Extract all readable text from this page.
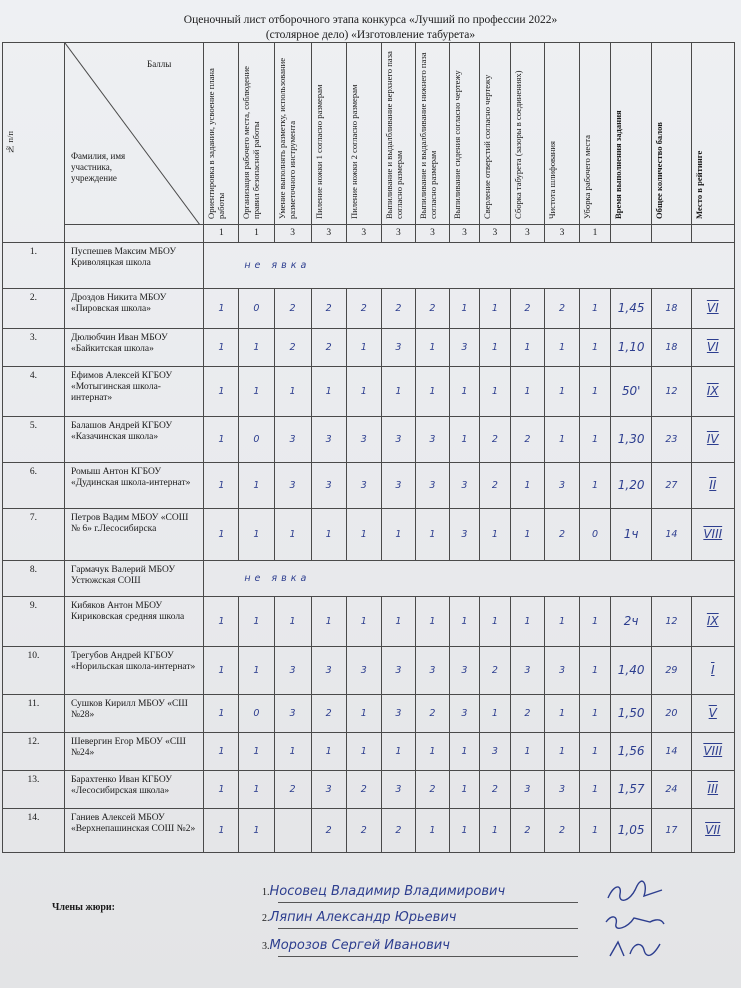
Оценочный лист отборочного этапа конкурса «Лучший по профессии 2022»
(столярное дело) «Изготовление табурета»
№ п/п	Баллы
Фамилия, имя участника, учреждение	Ориентировка в задании, усвоение плана работы	Организация рабочего места, соблюдение правил безопасной работы	Умение выполнять разметку, использование разметочного инструмента	Пиление ножки 1 согласно размерам	Пиление ножки 2 согласно размерам	Выпиливание и выдалбливание верхнего паза согласно размерам	Выпиливание и выдалбливание нижнего паза согласно размерам	Выпиливание сидения согласно чертежу	Сверление отверстий согласно чертежу	Сборка табурета (зазоры в соединениях)	Чистота шлифования	Уборка рабочего места	Время выполнения задания	Общее количество балов	Место в рейтинге

		1	1	3	3	3	3	3	3	3	3	3	1			
1.	Пуспешев Максим МБОУ Криволяцкая школа	не явка														
2.	Дроздов Никита МБОУ «Пировская школа»	1	0	2	2	2	2	2	1	1	2	2	1	1,45	18	VI
3.	Дюлюбчин Иван МБОУ «Байкитская школа»	1	1	2	2	1	3	1	3	1	1	1	1	1,10	18	VI
4.	Ефимов Алексей КГБОУ «Мотыгинская школа-интернат»	1	1	1	1	1	1	1	1	1	1	1	1	50'	12	IX
5.	Балашов Андрей КГБОУ «Казачинская школа»	1	0	3	3	3	3	3	1	2	2	1	1	1,30	23	IV
6.	Ромыш Антон КГБОУ «Дудинская школа-интернат»	1	1	3	3	3	3	3	3	2	1	3	1	1,20	27	II
7.	Петров Вадим МБОУ «СОШ № 6» г.Лесосибирска	1	1	1	1	1	1	1	3	1	1	2	0	1ч	14	VIII
8.	Гармачук Валерий МБОУ Устюжская СОШ	не явка														
9.	Кибяков Антон МБОУ Кириковская средняя школа	1	1	1	1	1	1	1	1	1	1	1	1	2ч	12	IX
10.	Трегубов Андрей КГБОУ «Норильская школа-интернат»	1	1	3	3	3	3	3	3	2	3	3	1	1,40	29	I
11.	Сушков Кирилл МБОУ «СШ №28»	1	0	3	2	1	3	2	3	1	2	1	1	1,50	20	V
12.	Шевергин Егор МБОУ «СШ №24»	1	1	1	1	1	1	1	1	3	1	1	1	1,56	14	VIII
13.	Барахтенко Иван КГБОУ «Лесосибирская школа»	1	1	2	3	2	3	2	1	2	3	3	1	1,57	24	III
14.	Ганиев Алексей МБОУ «Верхнепашинская СОШ №2»	1	1		2	2	2	1	1	1	2	2	1	1,05	17	VII
Члены жюри:
1.Носовец Владимир Владимирович
2.Ляпин Александр Юрьевич
3.Морозов Сергей Иванович
